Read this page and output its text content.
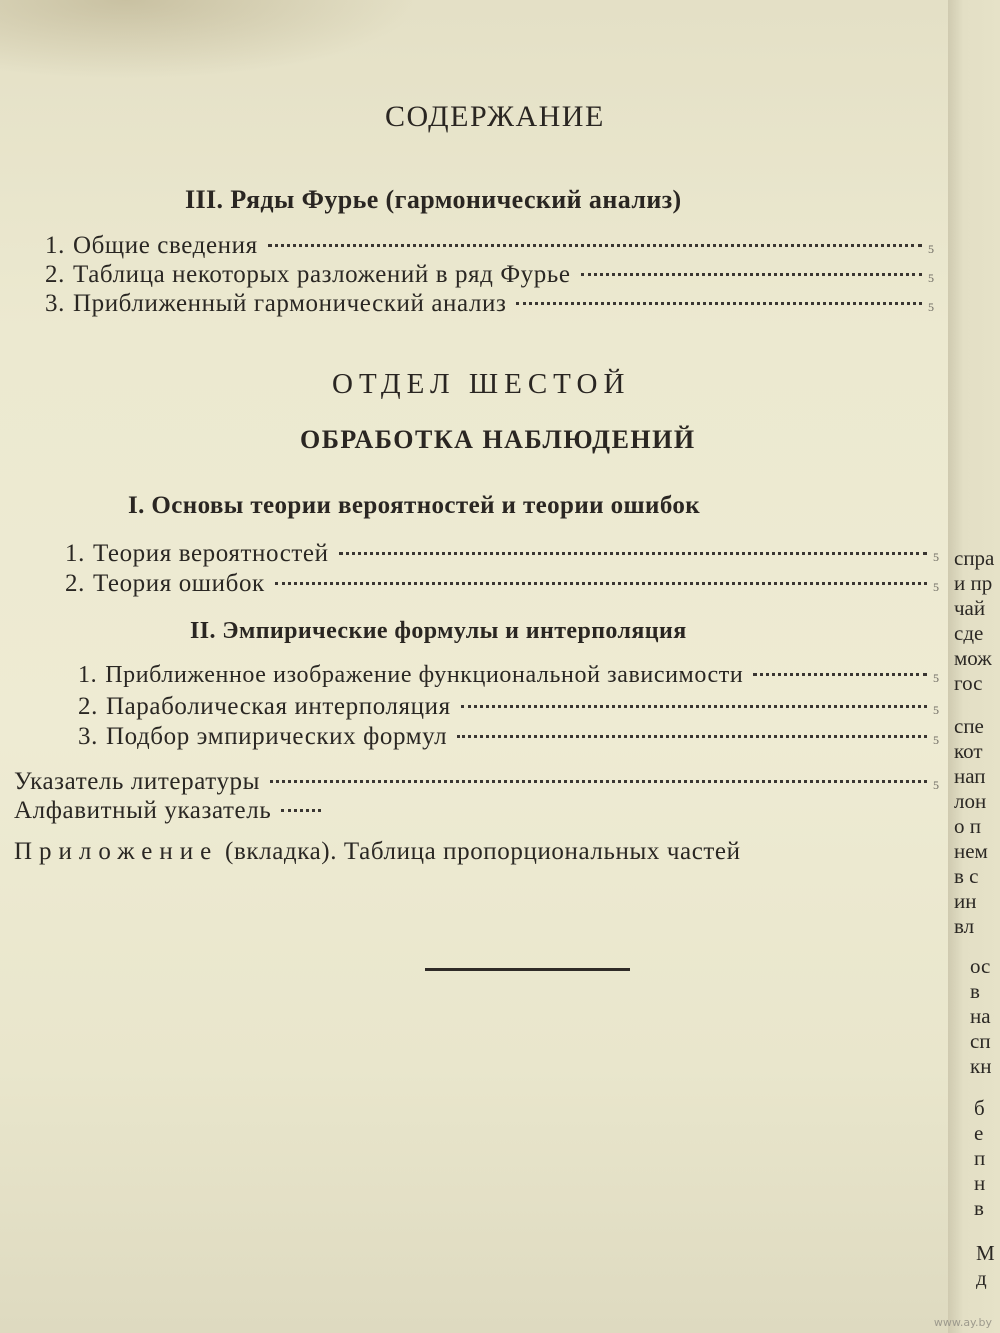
СОДЕРЖАНИЕ
III. Ряды Фурье (гармонический анализ)
1. Общие сведения	5
2. Таблица некоторых разложений в ряд Фурье	5
3. Приближенный гармонический анализ	5
ОТДЕЛ ШЕСТОЙ
ОБРАБОТКА НАБЛЮДЕНИЙ
I. Основы теории вероятностей и теории ошибок
1. Теория вероятностей	5
2. Теория ошибок	5
II. Эмпирические формулы и интерполяция
1. Приближенное изображение функциональной зависимости	5
2. Параболическая интерполяция	5
3. Подбор эмпирических формул	5
Указатель литературы	5
Алфавитный указатель
Приложение (вкладка). Таблица пропорциональных частей
спра
и пр
чай
сде
мож
гос
спе
кот
нап
лон
о п
нем
в с
ин
вл
ос
в
на
сп
кн
б
е
п
н
в
М
д
www.ay.by
